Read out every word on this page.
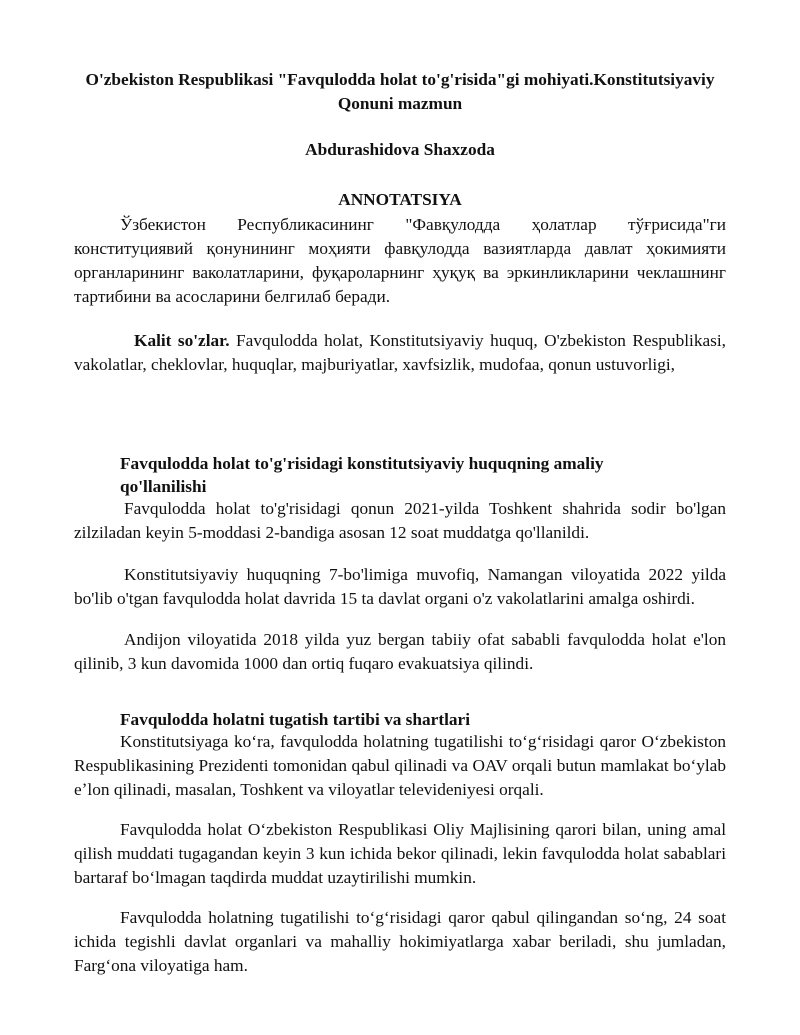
O'zbekiston Respublikasi "Favqulodda holat to'g'risida"gi mohiyati.Konstitutsiyaviy Qonuni mazmun
Abdurashidova Shaxzoda
ANNOTATSIYA

Ўзбекистон Республикасининг "Фавқулодда ҳолатлар тўғрисида"ги конституциявий қонунининг моҳияти фавқулодда вазиятларда давлат ҳокимияти органларининг ваколатларини, фуқароларнинг ҳуқуқ ва эркинликларини чеклашнинг тартибини ва асосларини белгилаб беради.

Kalit so'zlar. Favqulodda holat, Konstitutsiyaviy huquq, O'zbekiston Respublikasi, vakolatlar, cheklovlar, huquqlar, majburiyatlar, xavfsizlik, mudofaa, qonun ustuvorligi,

Favqulodda holat to'g'risidagi konstitutsiyaviy huquqning amaliy qo'llanilishi

Favqulodda holat to'g'risidagi qonun 2021-yilda Toshkent shahrida sodir bo'lgan zilziladan keyin 5-moddasi 2-bandiga asosan 12 soat muddatga qo'llanildi.

Konstitutsiyaviy huquqning 7-bo'limiga muvofiq, Namangan viloyatida 2022 yilda bo'lib o'tgan favqulodda holat davrida 15 ta davlat organi o'z vakolatlarini amalga oshirdi.

Andijon viloyatida 2018 yilda yuz bergan tabiiy ofat sababli favqulodda holat e'lon qilinib, 3 kun davomida 1000 dan ortiq fuqaro evakuatsiya qilindi.

Favqulodda holatni tugatish tartibi va shartlari

Konstitutsiyaga koʻra, favqulodda holatning tugatilishi toʻgʻrisidagi qaror Oʻzbekiston Respublikasining Prezidenti tomonidan qabul qilinadi va OAV orqali butun mamlakat boʻylab eʼlon qilinadi, masalan, Toshkent va viloyatlar televideniyesi orqali.

Favqulodda holat Oʻzbekiston Respublikasi Oliy Majlisining qarori bilan, uning amal qilish muddati tugagandan keyin 3 kun ichida bekor qilinadi, lekin favqulodda holat sabablari bartaraf boʻlmagan taqdirda muddat uzaytirilishi mumkin.

Favqulodda holatning tugatilishi toʻgʻrisidagi qaror qabul qilingandan soʻng, 24 soat ichida tegishli davlat organlari va mahalliy hokimiyatlarga xabar beriladi, shu jumladan, Fargʻona viloyatiga ham.
